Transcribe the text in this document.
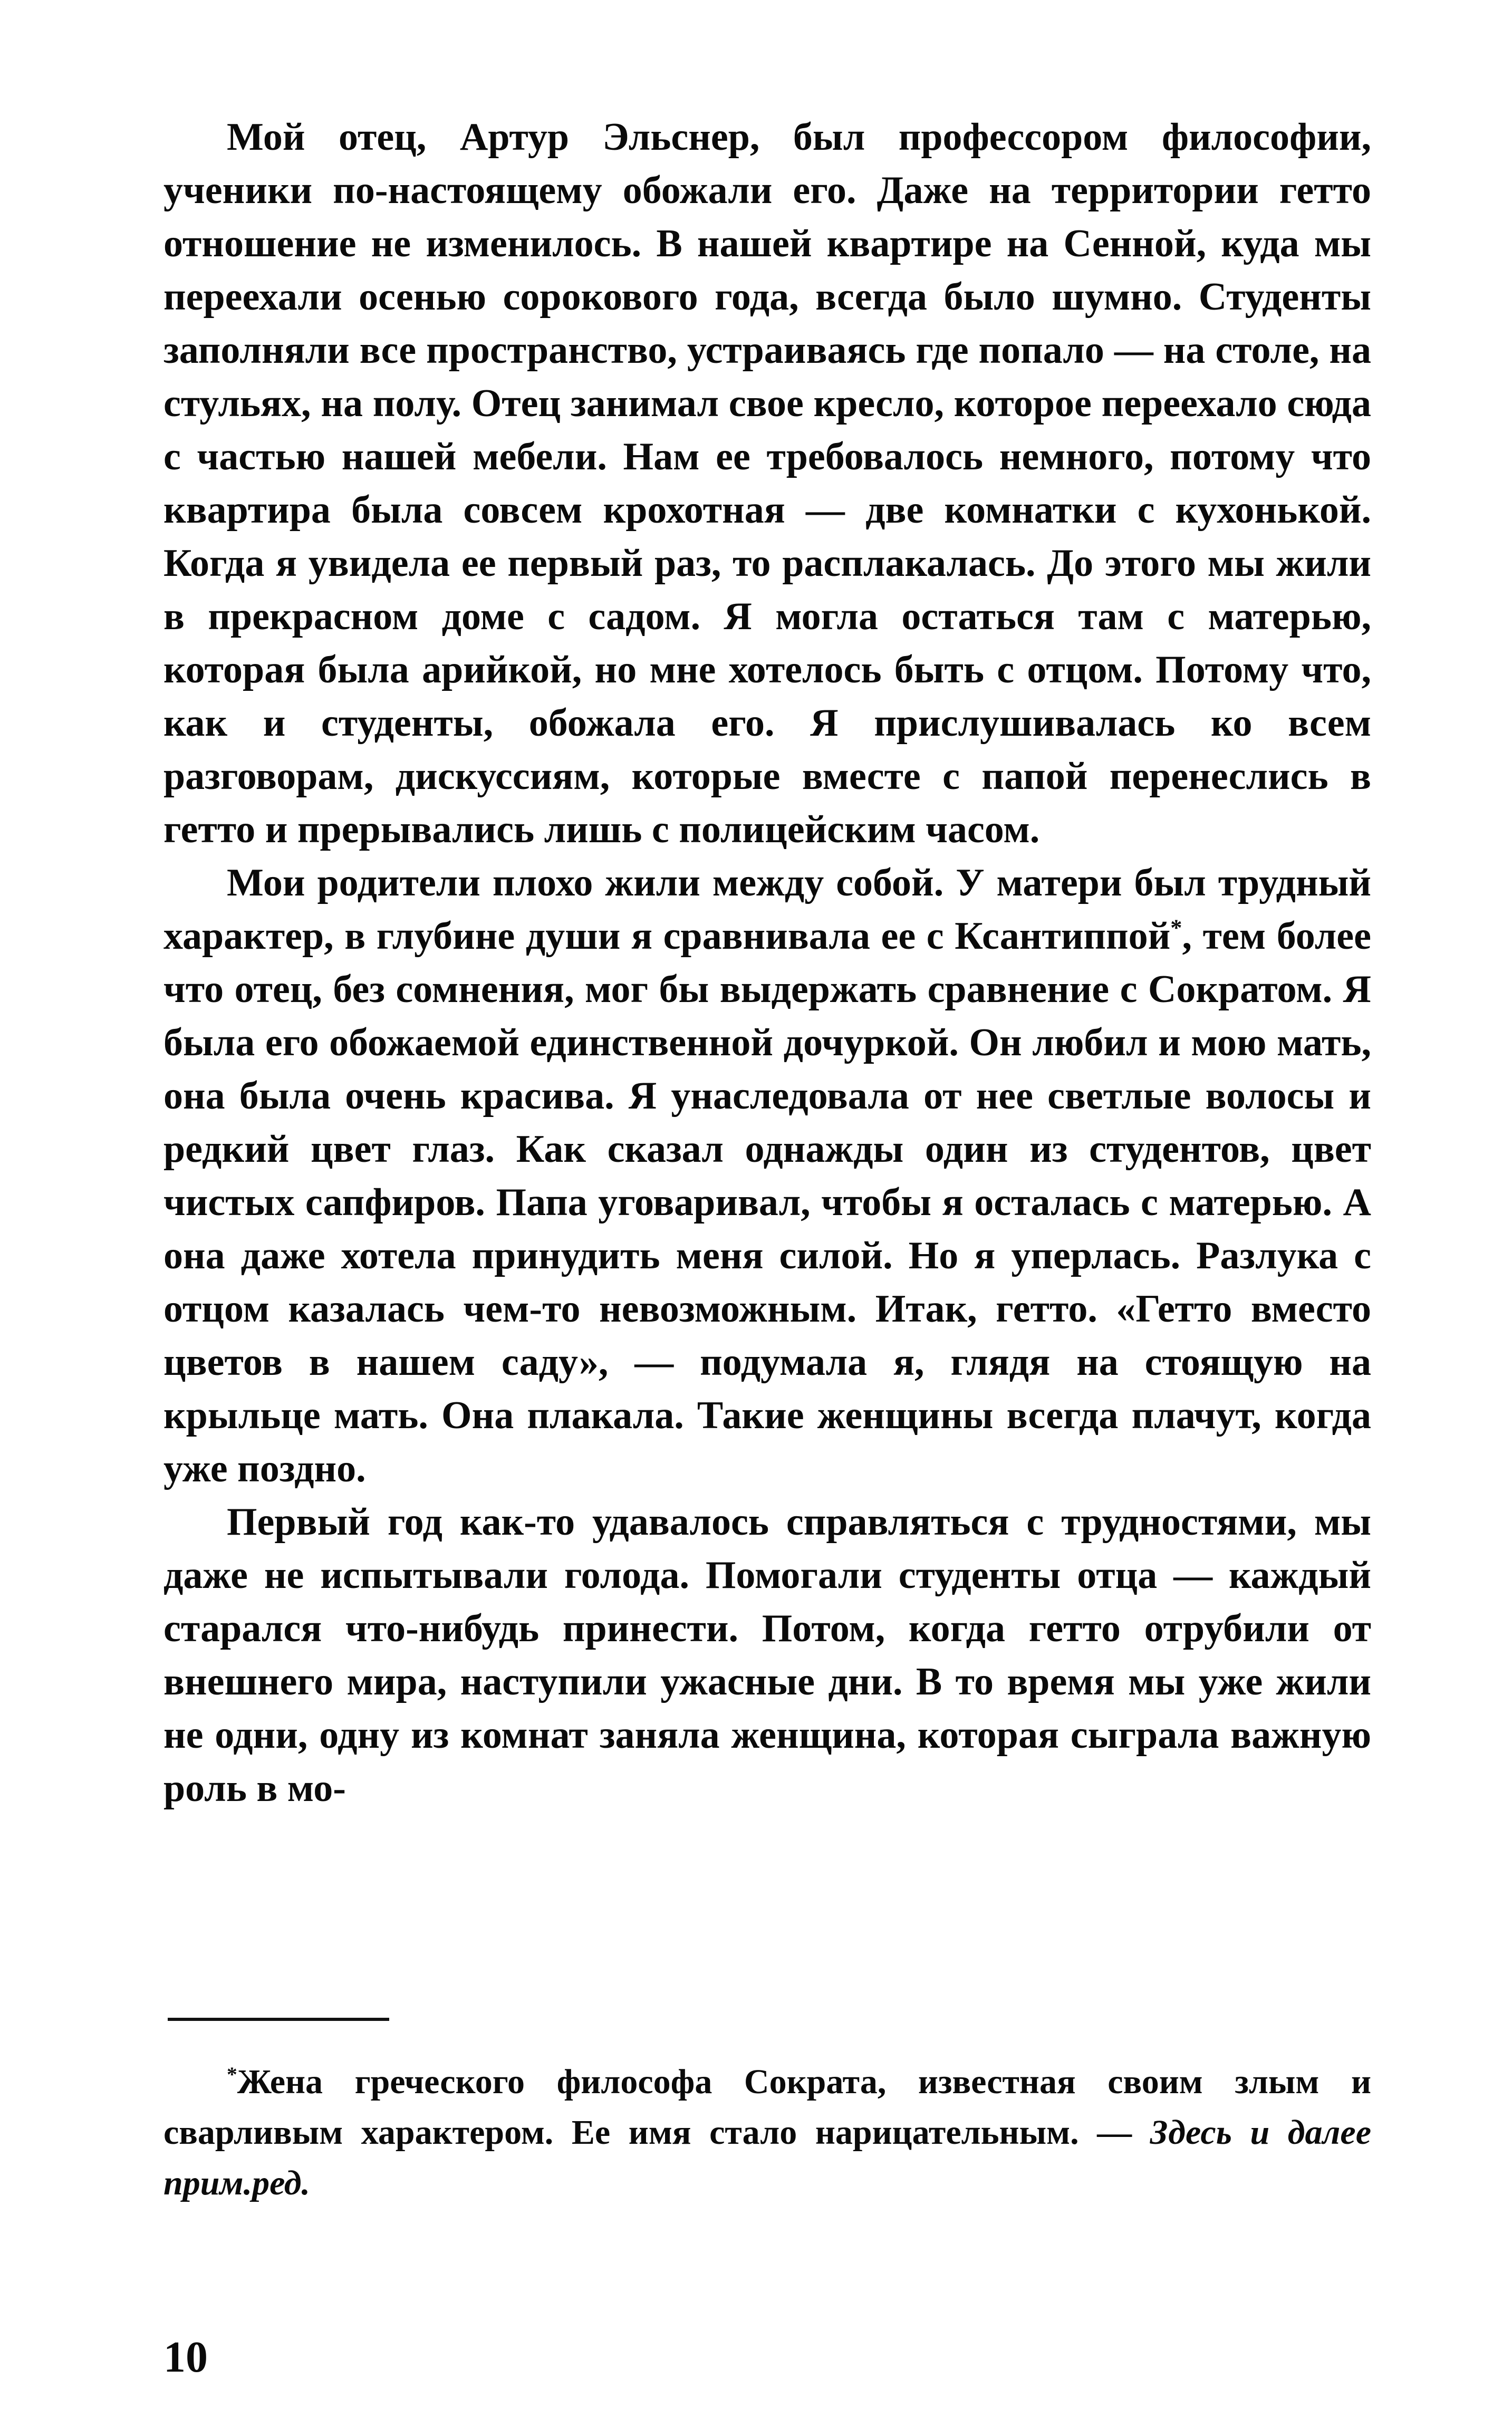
Мой отец, Артур Эльснер, был профессором философии, ученики по-настоящему обожали его. Даже на территории гетто отношение не изменилось. В нашей квартире на Сенной, куда мы переехали осенью сорокового года, всегда было шумно. Студенты заполняли все пространство, устраиваясь где попало — на столе, на стульях, на полу. Отец занимал свое кресло, которое переехало сюда с частью нашей мебели. Нам ее требовалось немного, потому что квартира была совсем крохотная — две комнатки с кухонькой. Когда я увидела ее первый раз, то расплакалась. До этого мы жили в прекрасном доме с садом. Я могла остаться там с матерью, которая была арийкой, но мне хотелось быть с отцом. Потому что, как и студенты, обожала его. Я прислушивалась ко всем разговорам, дискуссиям, которые вместе с папой перенеслись в гетто и прерывались лишь с полицейским часом.

Мои родители плохо жили между собой. У матери был трудный характер, в глубине души я сравнивала ее с Ксантиппой*, тем более что отец, без сомнения, мог бы выдержать сравнение с Сократом. Я была его обожаемой единственной дочуркой. Он любил и мою мать, она была очень красива. Я унаследовала от нее светлые волосы и редкий цвет глаз. Как сказал однажды один из студентов, цвет чистых сапфиров. Папа уговаривал, чтобы я осталась с матерью. А она даже хотела принудить меня силой. Но я уперлась. Разлука с отцом казалась чем-то невозможным. Итак, гетто. «Гетто вместо цветов в нашем саду», — подумала я, глядя на стоящую на крыльце мать. Она плакала. Такие женщины всегда плачут, когда уже поздно.

Первый год как-то удавалось справляться с трудностями, мы даже не испытывали голода. Помогали студенты отца — каждый старался что-нибудь принести. Потом, когда гетто отрубили от внешнего мира, наступили ужасные дни. В то время мы уже жили не одни, одну из комнат заняла женщина, которая сыграла важную роль в мо-

*Жена греческого философа Сократа, известная своим злым и сварливым характером. Ее имя стало нарицательным. — Здесь и далее прим.ред.

10
